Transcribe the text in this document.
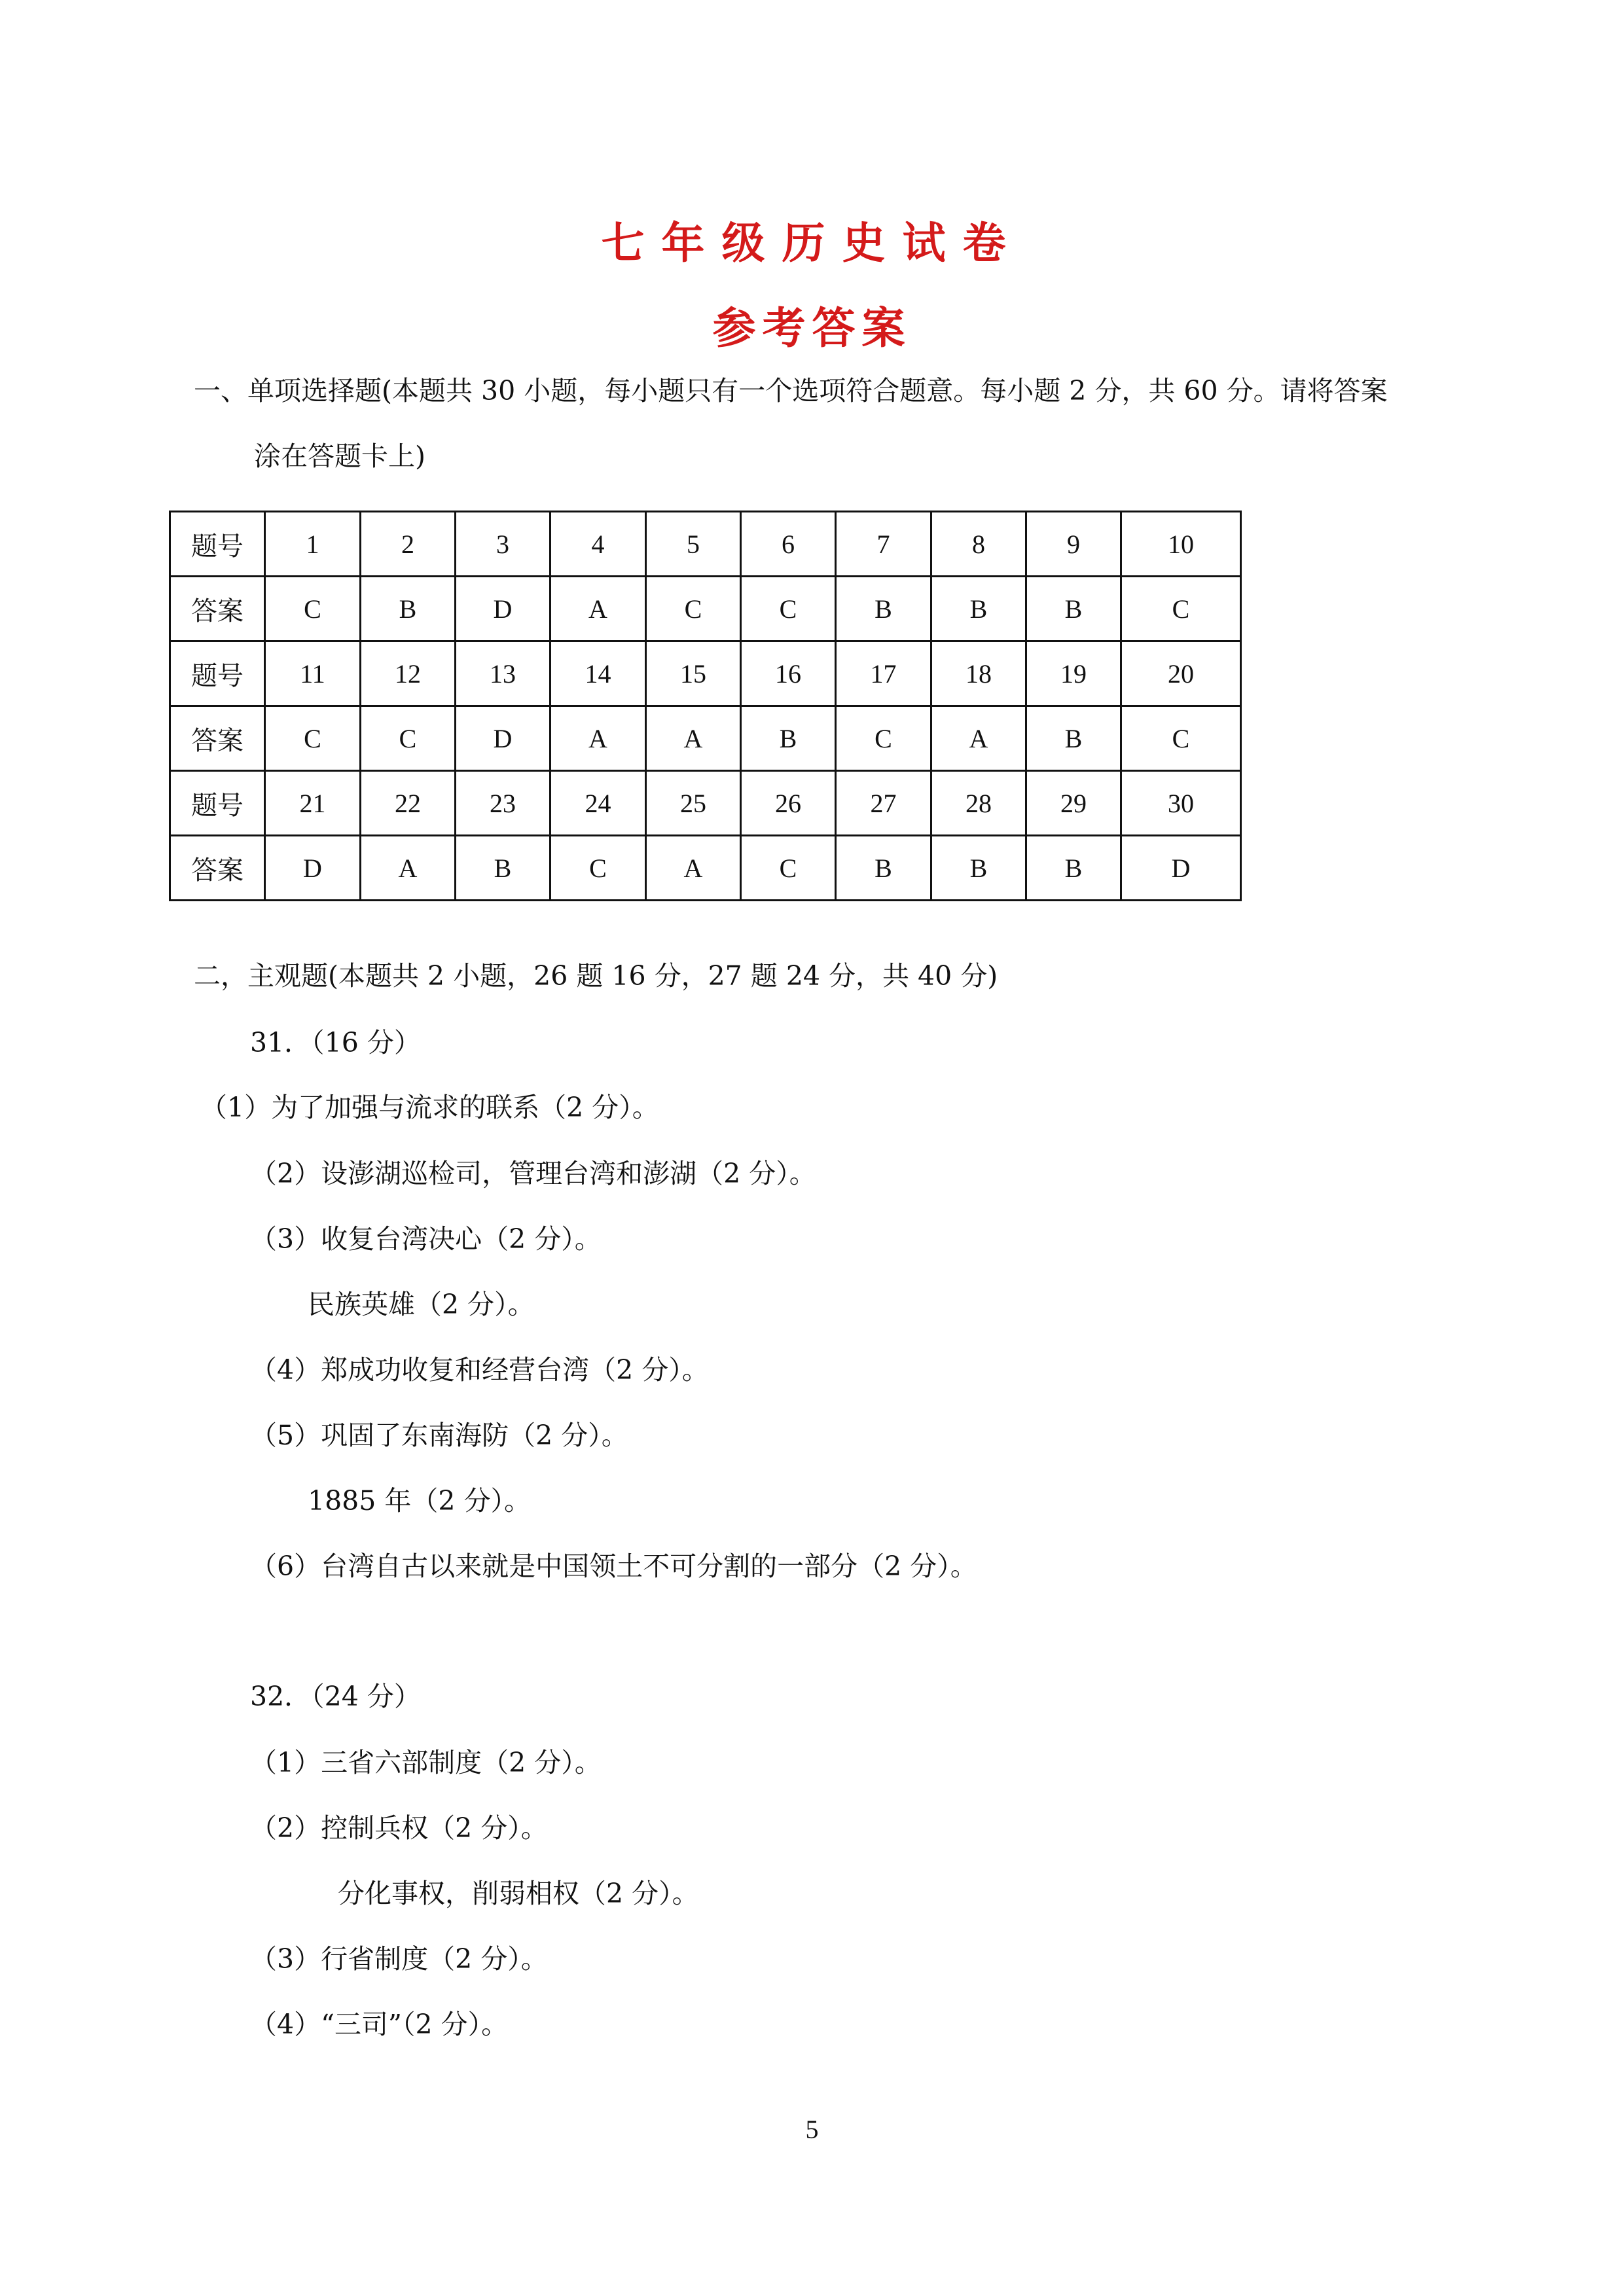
七年级历史试卷
参考答案
一、单项选择题(本题共 30 小题，每小题只有一个选项符合题意。每小题 2 分，共 60 分。请将答案
涂在答题卡上)
题号	1	2	3	4	5	6	7	8	9	10
答案	C	B	D	A	C	C	B	B	B	C
题号	11	12	13	14	15	16	17	18	19	20
答案	C	C	D	A	A	B	C	A	B	C
题号	21	22	23	24	25	26	27	28	29	30
答案	D	A	B	C	A	C	B	B	B	D
二，主观题(本题共 2 小题，26 题 16 分，27 题 24 分，共 40 分)
31．（16 分）
（1）为了加强与流求的联系（2 分）。
（2）设澎湖巡检司，管理台湾和澎湖（2 分）。
（3）收复台湾决心（2 分）。
民族英雄（2 分）。
（4）郑成功收复和经营台湾（2 分）。
（5）巩固了东南海防（2 分）。
1885 年（2 分）。
（6）台湾自古以来就是中国领土不可分割的一部分（2 分）。
32．（24 分）
（1）三省六部制度（2 分）。
（2）控制兵权（2 分）。
分化事权，削弱相权（2 分）。
（3）行省制度（2 分）。
（4）“三司”（2 分）。
5
